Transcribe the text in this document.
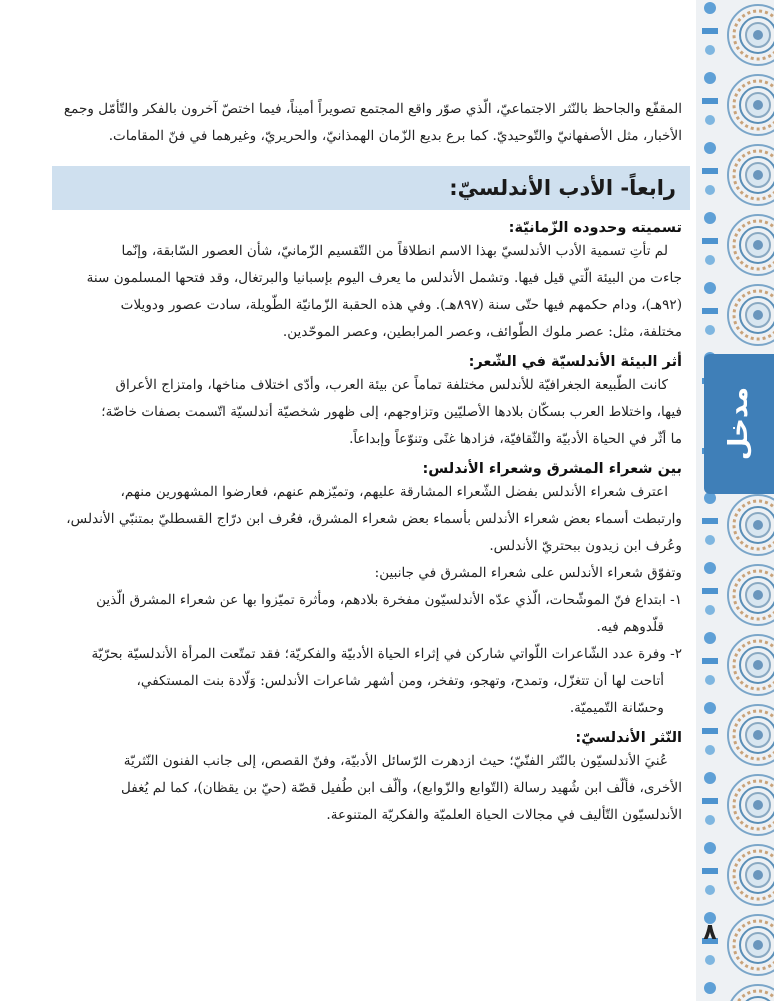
مدخل
٨

المقفّع والجاحظ بالنّثر الاجتماعيّ، الّذي صوّر واقع المجتمع تصويراً أميناً، فيما اختصّ آخرون بالفكر والتّأمّل وجمع

الأخبار، مثل الأصفهانيّ والتّوحيديّ. كما برع بديع الزّمان الهمذانيّ، والحريريّ، وغيرهما في فنّ المقامات.

رابعاً- الأدب الأندلسيّ:
تسميته وحدوده الزّمانيّة:

لم تأتِ تسمية الأدب الأندلسيّ بهذا الاسم انطلاقاً من التّقسيم الزّمانيّ، شأن العصور السّابقة، وإنّما

جاءت من البيئة الّتي قيل فيها. وتشمل الأندلس ما يعرف اليوم بإسبانيا والبرتغال، وقد فتحها المسلمون سنة

(٩٢هـ)، ودام حكمهم فيها حتّى سنة (٨٩٧هـ). وفي هذه الحقبة الزّمانيّة الطّويلة، سادت عصور ودويلات

مختلفة، مثل: عصر ملوك الطّوائف، وعصر المرابطين، وعصر الموحّدين.

أثر البيئة الأندلسيّة في الشّعر:

كانت الطّبيعة الجغرافيّة للأندلس مختلفة تماماً عن بيئة العرب، وأدّى اختلاف مناخها، وامتزاج الأعراق

فيها، واختلاط العرب بسكّان بلادها الأصليّين وتزاوجهم، إلى ظهور شخصيّة أندلسيّة اتّسمت بصفات خاصّة؛

ما أثّر في الحياة الأدبيّة والثّقافيّة، فزادها غنًى وتنوّعاً وإبداعاً.

بين شعراء المشرق وشعراء الأندلس:

اعترف شعراء الأندلس بفضل الشّعراء المشارقة عليهم، وتميّزهم عنهم، فعارضوا المشهورين منهم،

وارتبطت أسماء بعض شعراء الأندلس بأسماء بعض شعراء المشرق، فعُرف ابن درّاج القسطليّ بمتنبّي الأندلس،

وعُرف ابن زيدون ببحتريّ الأندلس.

وتفوّق شعراء الأندلس على شعراء المشرق في جانبين:

١- ابتداع فنّ الموشّحات، الّذي عدّه الأندلسيّون مفخرة بلادهم، ومأثرة تميّزوا بها عن شعراء المشرق الّذين

قلّدوهم فيه.

٢- وفرة عدد الشّاعرات اللّواتي شاركن في إثراء الحياة الأدبيّة والفكريّة؛ فقد تمتّعت المرأة الأندلسيّة بحرّيّة

أتاحت لها أن تتغزّل، وتمدح، وتهجو، وتفخر، ومن أشهر شاعرات الأندلس: وَلّادة بنت المستكفي،

وحسّانة التّميميّة.

النّثر الأندلسيّ:

عُنيَ الأندلسيّون بالنّثر الفنّيّ؛ حيث ازدهرت الرّسائل الأدبيّة، وفنّ القصص، إلى جانب الفنون النّثريّة

الأخرى، فألّف ابن شُهيد رسالة (التّوابع والزّوابع)، وألّف ابن طُفيل قصّة (حيّ بن يقظان)، كما لم يُغفل

الأندلسيّون التّأليف في مجالات الحياة العلميّة والفكريّة المتنوعة.
